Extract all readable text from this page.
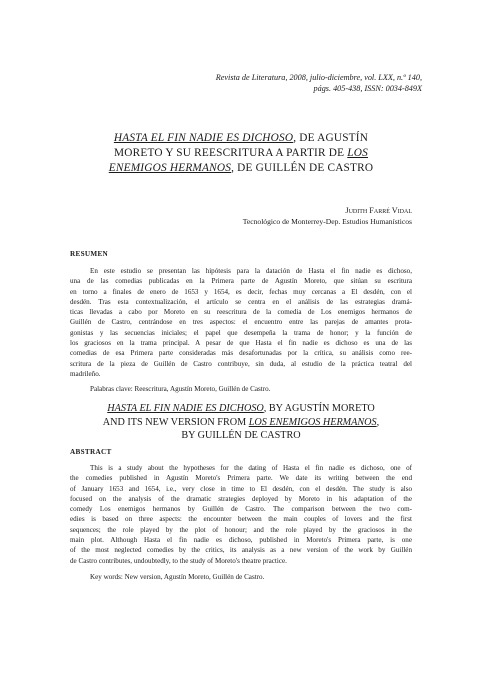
Revista de Literatura, 2008, julio-diciembre, vol. LXX, n.º 140,
págs. 405-438, ISSN: 0034-849X
HASTA EL FIN NADIE ES DICHOSO, DE AGUSTÍN
MORETO Y SU REESCRITURA A PARTIR DE LOS
ENEMIGOS HERMANOS, DE GUILLÉN DE CASTRO
Judith Farré Vidal
Tecnológico de Monterrey-Dep. Estudios Humanísticos
RESUMEN
En este estudio se presentan las hipótesis para la datación de Hasta el fin nadie es dichoso,
una de las comedias publicadas en la Primera parte de Agustín Moreto, que sitúan su escritura
en torno a finales de enero de 1653 y 1654, es decir, fechas muy cercanas a El desdén, con el
desdén. Tras esta contextualización, el artículo se centra en el análisis de las estrategias dramá-
ticas llevadas a cabo por Moreto en su reescritura de la comedia de Los enemigos hermanos de
Guillén de Castro, centrándose en tres aspectos: el encuentro entre las parejas de amantes prota-
gonistas y las secuencias iniciales; el papel que desempeña la trama de honor; y la función de
los graciosos en la trama principal. A pesar de que Hasta el fin nadie es dichoso es una de las
comedias de esa Primera parte consideradas más desafortunadas por la crítica, su análisis como ree-
scritura de la pieza de Guillén de Castro contribuye, sin duda, al estudio de la práctica teatral del
madrileño.
Palabras clave: Reescritura, Agustín Moreto, Guillén de Castro.
HASTA EL FIN NADIE ES DICHOSO, BY AGUSTÍN MORETO
AND ITS NEW VERSION FROM LOS ENEMIGOS HERMANOS,
BY GUILLÉN DE CASTRO
ABSTRACT
This is a study about the hypotheses for the dating of Hasta el fin nadie es dichoso, one of
the comedies published in Agustín Moreto's Primera parte. We date its writing between the end
of January 1653 and 1654, i.e., very close in time to El desdén, con el desdén. The study is also
focused on the analysis of the dramatic strategies deployed by Moreto in his adaptation of the
comedy Los enemigos hermanos by Guillén de Castro. The comparison between the two com-
edies is based on three aspects: the encounter between the main couples of lovers and the first
sequences; the role played by the plot of honour; and the role played by the graciosos in the
main plot. Although Hasta el fin nadie es dichoso, published in Moreto's Primera parte, is one
of the most neglected comedies by the critics, its analysis as a new version of the work by Guillén
de Castro contributes, undoubtedly, to the study of Moreto's theatre practice.
Key words: New version, Agustín Moreto, Guillén de Castro.
